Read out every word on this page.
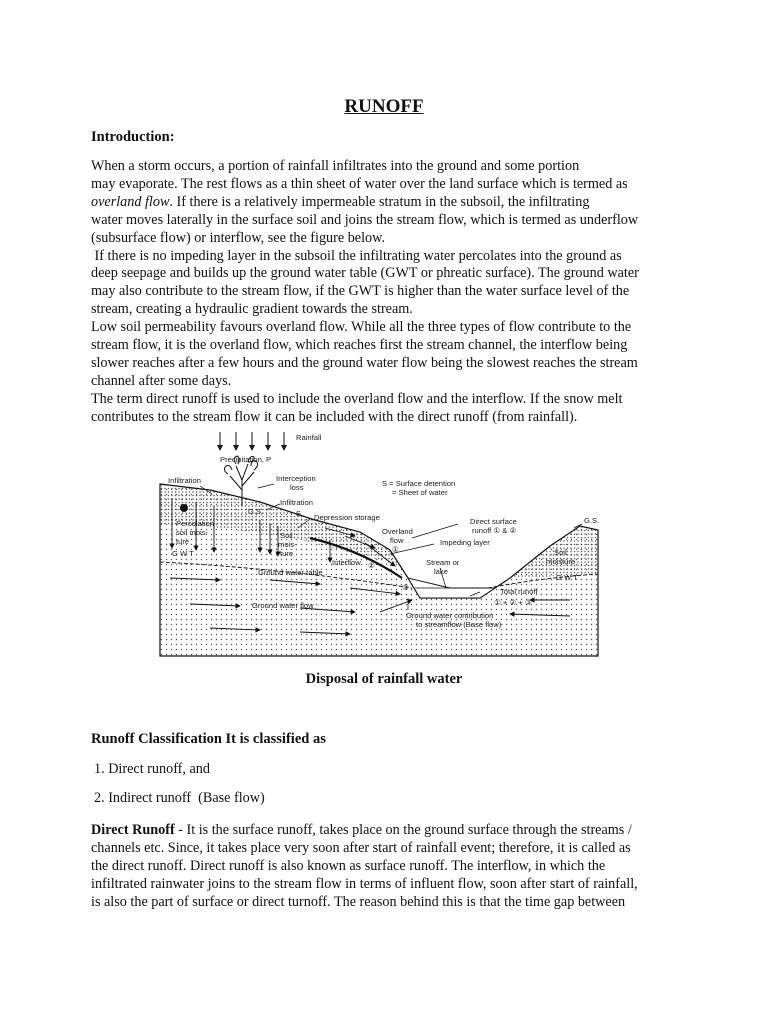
RUNOFF
Introduction:

When a storm occurs, a portion of rainfall infiltrates into the ground and some portion

may evaporate. The rest flows as a thin sheet of water over the land surface which is termed as

overland flow. If there is a relatively impermeable stratum in the subsoil, the infiltrating

water moves laterally in the surface soil and joins the stream flow, which is termed as underflow

(subsurface flow) or interflow, see the figure below.

If there is no impeding layer in the subsoil the infiltrating water percolates into the ground as

deep seepage and builds up the ground water table (GWT or phreatic surface). The ground water

may also contribute to the stream flow, if the GWT is higher than the water surface level of the

stream, creating a hydraulic gradient towards the stream.

Low soil permeability favours overland flow. While all the three types of flow contribute to the

stream flow, it is the overland flow, which reaches first the stream channel, the interflow being

slower reaches after a few hours and the ground water flow being the slowest reaches the stream

channel after some days.

The term direct runoff is used to include the overland flow and the interflow. If the snow melt

contributes to the stream flow it can be included with the direct runoff (from rainfall).

Rainfall
Precipitation, P
Infiltration	Interception
loss	S = Surface detention
= Sheet of water
Infiltration
G.S.
Depression storage	Direct surface
runoff ① & ②
G.S.
Percolation
soil mois-
ture
G W T
Soil
mois-
ture
Overland
flow
①
Impeding layer
Soil
moisture
Interflow ②	Stream or
lake
G W T
Ground water table
Total runoff
① + ② + ③
Ground water flow
Ground water contribution
to streamflow (Base flow)
S
③
Disposal of rainfall water
Runoff Classification It is classified as
1. Direct runoff, and
2. Indirect runoff  (Base flow)

Direct Runoff - It is the surface runoff, takes place on the ground surface through the streams /

channels etc. Since, it takes place very soon after start of rainfall event; therefore, it is called as

the direct runoff. Direct runoff is also known as surface runoff. The interflow, in which the

infiltrated rainwater joins to the stream flow in terms of influent flow, soon after start of rainfall,

is also the part of surface or direct turnoff. The reason behind this is that the time gap between
